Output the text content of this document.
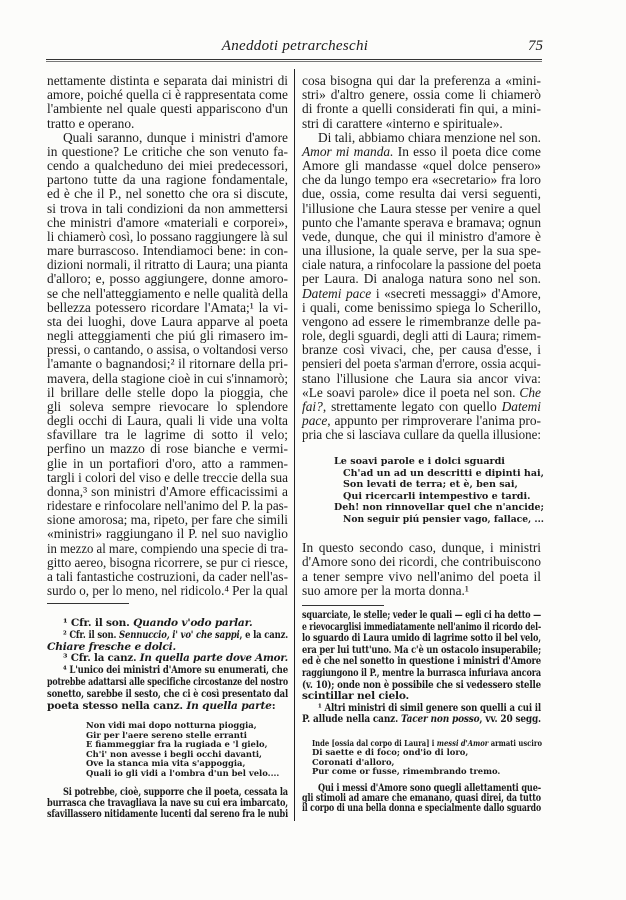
Aneddoti petrarcheschi	75
nettamente distinta e separata dai ministri di
amore, poiché quella ci è rappresentata come
l'ambiente nel quale questi appariscono d'un
tratto e operano.
Quali saranno, dunque i ministri d'amore
in questione? Le critiche che son venuto fa-
cendo a qualcheduno dei miei predecessori,
partono tutte da una ragione fondamentale,
ed è che il P., nel sonetto che ora si discute,
si trova in tali condizioni da non ammettersi
che ministri d'amore «materiali e corporei»,
li chiamerò così, lo possano raggiungere là sul
mare burrascoso. Intendiamoci bene: in con-
dizioni normali, il ritratto di Laura; una pianta
d'alloro; e, posso aggiungere, donne amoro-
se che nell'atteggiamento e nelle qualità della
bellezza potessero ricordare l'Amata;¹ la vi-
sta dei luoghi, dove Laura apparve al poeta
negli atteggiamenti che piú gli rimasero im-
pressi, o cantando, o assisa, o voltandosi verso
l'amante o bagnandosi;² il ritornare della pri-
mavera, della stagione cioè in cui s'innamorò;
il brillare delle stelle dopo la pioggia, che
gli soleva sempre rievocare lo splendore
degli occhi di Laura, quali li vide una volta
sfavillare tra le lagrime di sotto il velo;
perfino un mazzo di rose bianche e vermi-
glie in un portafiori d'oro, atto a rammen-
targli i colori del viso e delle treccie della sua
donna,³ son ministri d'Amore efficacissimi a
ridestare e rinfocolare nell'animo del P. la pas-
sione amorosa; ma, ripeto, per fare che simili
«ministri» raggiungano il P. nel suo naviglio
in mezzo al mare, compiendo una specie di tra-
gitto aereo, bisogna ricorrere, se pur ci riesce,
a tali fantastiche costruzioni, da cader nell'as-
surdo o, per lo meno, nel ridicolo.⁴ Per la qual
¹ Cfr. il son. Quando v'odo parlar.
² Cfr. il son. Sennuccio, i' vo' che sappi, e la canz.
Chiare fresche e dolci.
³ Cfr. la canz. In quella parte dove Amor.
⁴ L'unico dei ministri d'Amore su enumerati, che
potrebbe adattarsi alle specifiche circostanze del nostro
sonetto, sarebbe il sesto, che ci è così presentato dal
poeta stesso nella canz. In quella parte:
Non vidi mai dopo notturna pioggia,
Gir per l'aere sereno stelle erranti
E fiammeggiar fra la rugiada e 'l gielo,
Ch'i' non avesse i begli occhi davanti,
Ove la stanca mia vita s'appoggia,
Quali io gli vidi a l'ombra d'un bel velo....
Si potrebbe, cioè, supporre che il poeta, cessata la
burrasca che travagliava la nave su cui era imbarcato,
sfavillassero nitidamente lucenti dal sereno fra le nubi
cosa bisogna qui dar la preferenza a «mini-
stri» d'altro genere, ossia come li chiamerò
di fronte a quelli considerati fin qui, a mini-
stri di carattere «interno e spirituale».
Di tali, abbiamo chiara menzione nel son.
Amor mi manda. In esso il poeta dice come
Amore gli mandasse «quel dolce pensero»
che da lungo tempo era «secretario» fra loro
due, ossia, come resulta dai versi seguenti,
l'illusione che Laura stesse per venire a quel
punto che l'amante sperava e bramava; ognun
vede, dunque, che qui il ministro d'amore è
una illusione, la quale serve, per la sua spe-
ciale natura, a rinfocolare la passione del poeta
per Laura. Di analoga natura sono nel son.
Datemi pace i «secreti messaggi» d'Amore,
i quali, come benissimo spiega lo Scherillo,
vengono ad essere le rimembranze delle pa-
role, degli sguardi, degli atti di Laura; rimem-
branze così vivaci, che, per causa d'esse, i
pensieri del poeta s'arman d'errore, ossia acqui-
stano l'illusione che Laura sia ancor viva:
«Le soavi parole» dice il poeta nel son. Che
fai?, strettamente legato con quello Datemi
pace, appunto per rimproverare l'anima pro-
pria che si lasciava cullare da quella illusione:
Le soavi parole e i dolci sguardi
Ch'ad un ad un descritti e dipinti hai,
Son levati de terra; et è, ben sai,
Qui ricercarli intempestivo e tardi.
Deh! non rinnovellar quel che n'ancide;
Non seguir piú pensier vago, fallace, ...
In questo secondo caso, dunque, i ministri
d'Amore sono dei ricordi, che contribuiscono
a tener sempre vivo nell'animo del poeta il
suo amore per la morta donna.¹
squarciate, le stelle; veder le quali — egli ci ha detto —
e rievocarglisi immediatamente nell'animo il ricordo del-
lo sguardo di Laura umido di lagrime sotto il bel velo,
era per lui tutt'uno. Ma c'è un ostacolo insuperabile;
ed è che nel sonetto in questione i ministri d'Amore
raggiungono il P., mentre la burrasca infuriava ancora
(v. 10); onde non è possibile che si vedessero stelle
scintillar nel cielo.
¹ Altri ministri di simil genere son quelli a cui il
P. allude nella canz. Tacer non posso, vv. 20 segg.
Inde [ossia dal corpo di Laura] i messi d'Amor armati usciro
Di saette e di foco; ond'io di loro,
Coronati d'alloro,
Pur come or fusse, rimembrando tremo.
Qui i messi d'Amore sono quegli allettamenti que-
gli stimoli ad amare che emanano, quasi direi, da tutto
il corpo di una bella donna e specialmente dallo sguardo
